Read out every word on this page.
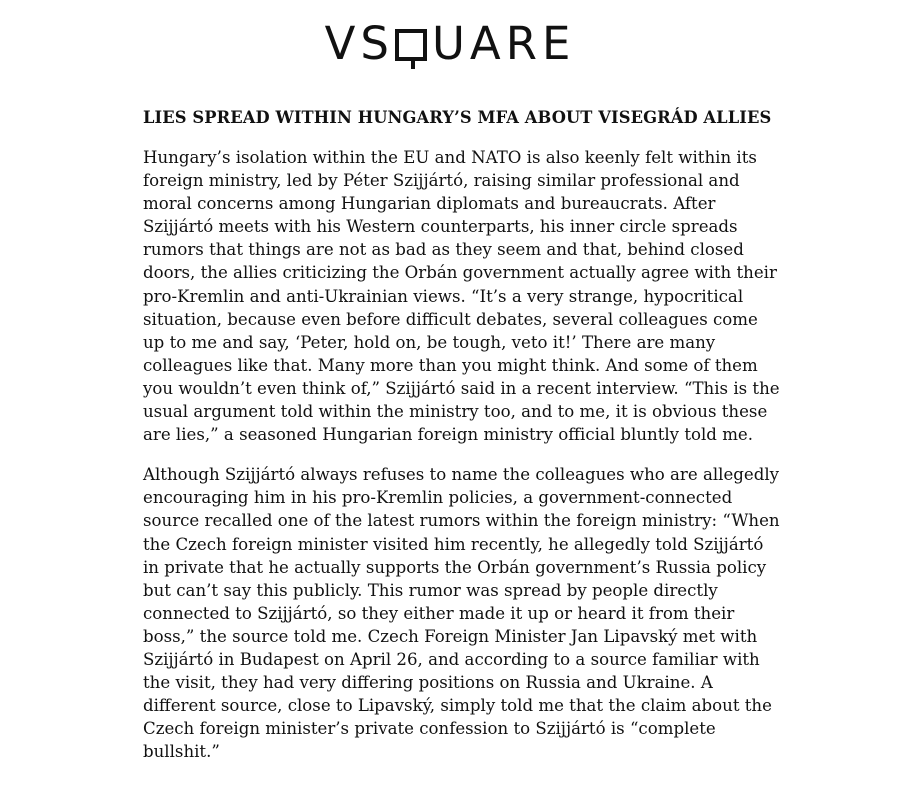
VS UARE
LIES SPREAD WITHIN HUNGARY’S MFA ABOUT VISEGRÁD ALLIES

Hungary’s isolation within the EU and NATO is also keenly felt within its foreign ministry, led by Péter Szijjártó, raising similar professional and moral concerns among Hungarian diplomats and bureaucrats. After Szijjártó meets with his Western counterparts, his inner circle spreads rumors that things are not as bad as they seem and that, behind closed doors, the allies criticizing the Orbán government actually agree with their pro-Kremlin and anti-Ukrainian views. “It’s a very strange, hypocritical situation, because even before difficult debates, several colleagues come up to me and say, ‘Peter, hold on, be tough, veto it!’ There are many colleagues like that. Many more than you might think. And some of them you wouldn’t even think of,” Szijjártó said in a recent interview. “This is the usual argument told within the ministry too, and to me, it is obvious these are lies,” a seasoned Hungarian foreign ministry official bluntly told me.

Although Szijjártó always refuses to name the colleagues who are allegedly encouraging him in his pro-Kremlin policies, a government-connected source recalled one of the latest rumors within the foreign ministry: “When the Czech foreign minister visited him recently, he allegedly told Szijjártó in private that he actually supports the Orbán government’s Russia policy but can’t say this publicly. This rumor was spread by people directly connected to Szijjártó, so they either made it up or heard it from their boss,” the source told me. Czech Foreign Minister Jan Lipavský met with Szijjártó in Budapest on April 26, and according to a source familiar with the visit, they had very differing positions on Russia and Ukraine. A different source, close to Lipavský, simply told me that the claim about the Czech foreign minister’s private confession to Szijjártó is “complete bullshit.”
